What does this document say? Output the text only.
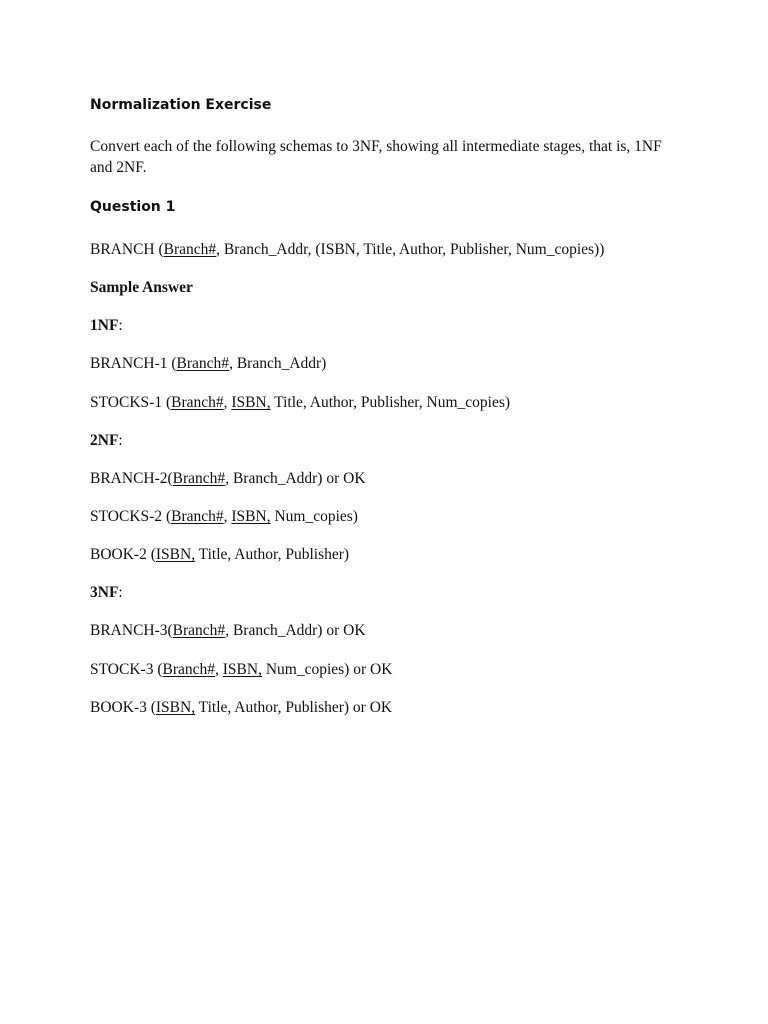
Normalization Exercise
Convert each of the following schemas to 3NF, showing all intermediate stages, that is, 1NF and 2NF.
Question 1
BRANCH (Branch#, Branch_Addr, (ISBN, Title, Author, Publisher, Num_copies))
Sample Answer
1NF:
BRANCH-1 (Branch#, Branch_Addr)
STOCKS-1 (Branch#, ISBN, Title, Author, Publisher, Num_copies)
2NF:
BRANCH-2(Branch#, Branch_Addr) or OK
STOCKS-2 (Branch#, ISBN, Num_copies)
BOOK-2 (ISBN, Title, Author, Publisher)
3NF:
BRANCH-3(Branch#, Branch_Addr) or OK
STOCK-3 (Branch#, ISBN, Num_copies) or OK
BOOK-3 (ISBN, Title, Author, Publisher) or OK
